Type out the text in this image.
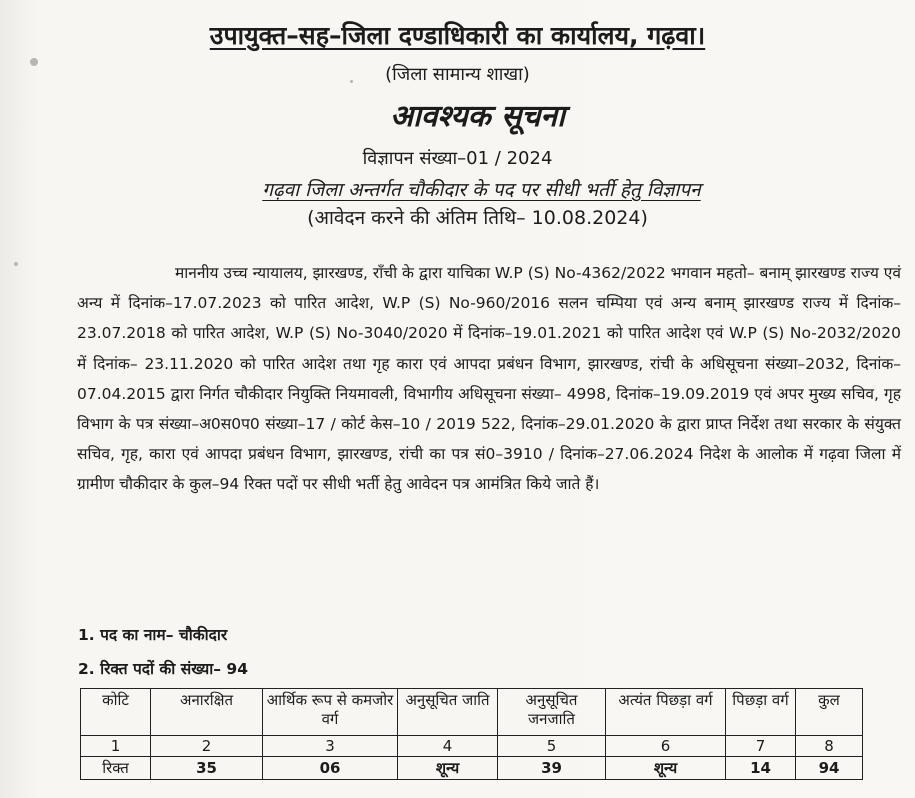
उपायुक्त–सह–जिला दण्डाधिकारी का कार्यालय, गढ़वा।
(जिला सामान्य शाखा)
आवश्यक सूचना
विज्ञापन संख्या–01 / 2024
गढ़वा जिला अन्तर्गत चौकीदार के पद पर सीधी भर्ती हेतु विज्ञापन
(आवेदन करने की अंतिम तिथि– 10.08.2024)

माननीय उच्च न्यायालय, झारखण्ड, राँची के द्वारा याचिका W.P (S) No-4362/2022 भगवान महतो– बनाम् झारखण्ड राज्य एवं अन्य में दिनांक–17.07.2023 को पारित आदेश, W.P (S) No-960/2016 सलन चम्पिया एवं अन्य बनाम् झारखण्ड राज्य में दिनांक–23.07.2018 को पारित आदेश, W.P (S) No-3040/2020 में दिनांक–19.01.2021 को पारित आदेश एवं W.P (S) No-2032/2020 में दिनांक– 23.11.2020 को पारित आदेश तथा गृह कारा एवं आपदा प्रबंधन विभाग, झारखण्ड, रांची के अधिसूचना संख्या–2032, दिनांक–07.04.2015 द्वारा निर्गत चौकीदार नियुक्ति नियमावली, विभागीय अधिसूचना संख्या– 4998, दिनांक–19.09.2019 एवं अपर मुख्य सचिव, गृह विभाग के पत्र संख्या–अ0स0प0 संख्या–17 / कोर्ट केस–10 / 2019 522, दिनांक–29.01.2020 के द्वारा प्राप्त निर्देश तथा सरकार के संयुक्त सचिव, गृह, कारा एवं आपदा प्रबंधन विभाग, झारखण्ड, रांची का पत्र सं0–3910 / दिनांक–27.06.2024 निदेश के आलोक में गढ़वा जिला में ग्रामीण चौकीदार के कुल–94 रिक्त पदों पर सीधी भर्ती हेतु आवेदन पत्र आमंत्रित किये जाते हैं।

1. पद का नाम– चौकीदार
2. रिक्त पदों की संख्या– 94
कोटि	अनारक्षित	आर्थिक रूप से कमजोर वर्ग	अनुसूचित जाति	अनुसूचित जनजाति	अत्यंत पिछड़ा वर्ग	पिछड़ा वर्ग	कुल
1	2	3	4	5	6	7	8
रिक्त	35	06	शून्य	39	शून्य	14	94
